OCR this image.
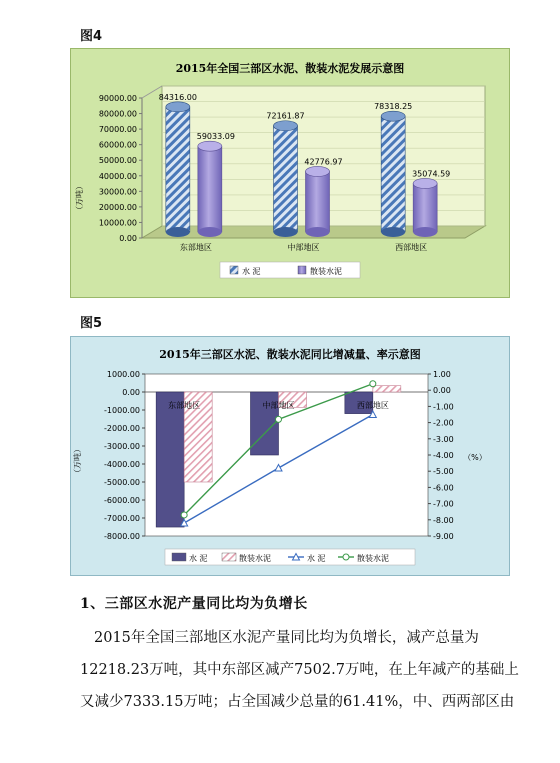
图4
2015年全国三部区水泥、散装水泥发展示意图
90000.00
80000.00
70000.00
60000.00
50000.00
40000.00
30000.00
20000.00
10000.00
0.00
东部地区
84316.00
59033.09
中部地区
72161.87
42776.97
西部地区
78318.25
35074.59
（万吨）
水 泥	散装水泥
图5
2015年三部区水泥、散装水泥同比增减量、率示意图
1000.00
0.00
-1000.00
-2000.00
-3000.00
-4000.00
-5000.00
-6000.00
-7000.00
-8000.00
1.00
0.00
-1.00
-2.00
-3.00
-4.00
-5.00
-6.00
-7.00
-8.00
-9.00
东部地区	中部地区	西部地区
（万吨）	（%）
水 泥	散装水泥	水 泥	散装水泥
1、三部区水泥产量同比均为负增长
2015年全国三部地区水泥产量同比均为负增长，减产总量为
12218.23万吨，其中东部区减产7502.7万吨，在上年减产的基础上
又减少7333.15万吨；占全国减少总量的61.41%，中、西两部区由
